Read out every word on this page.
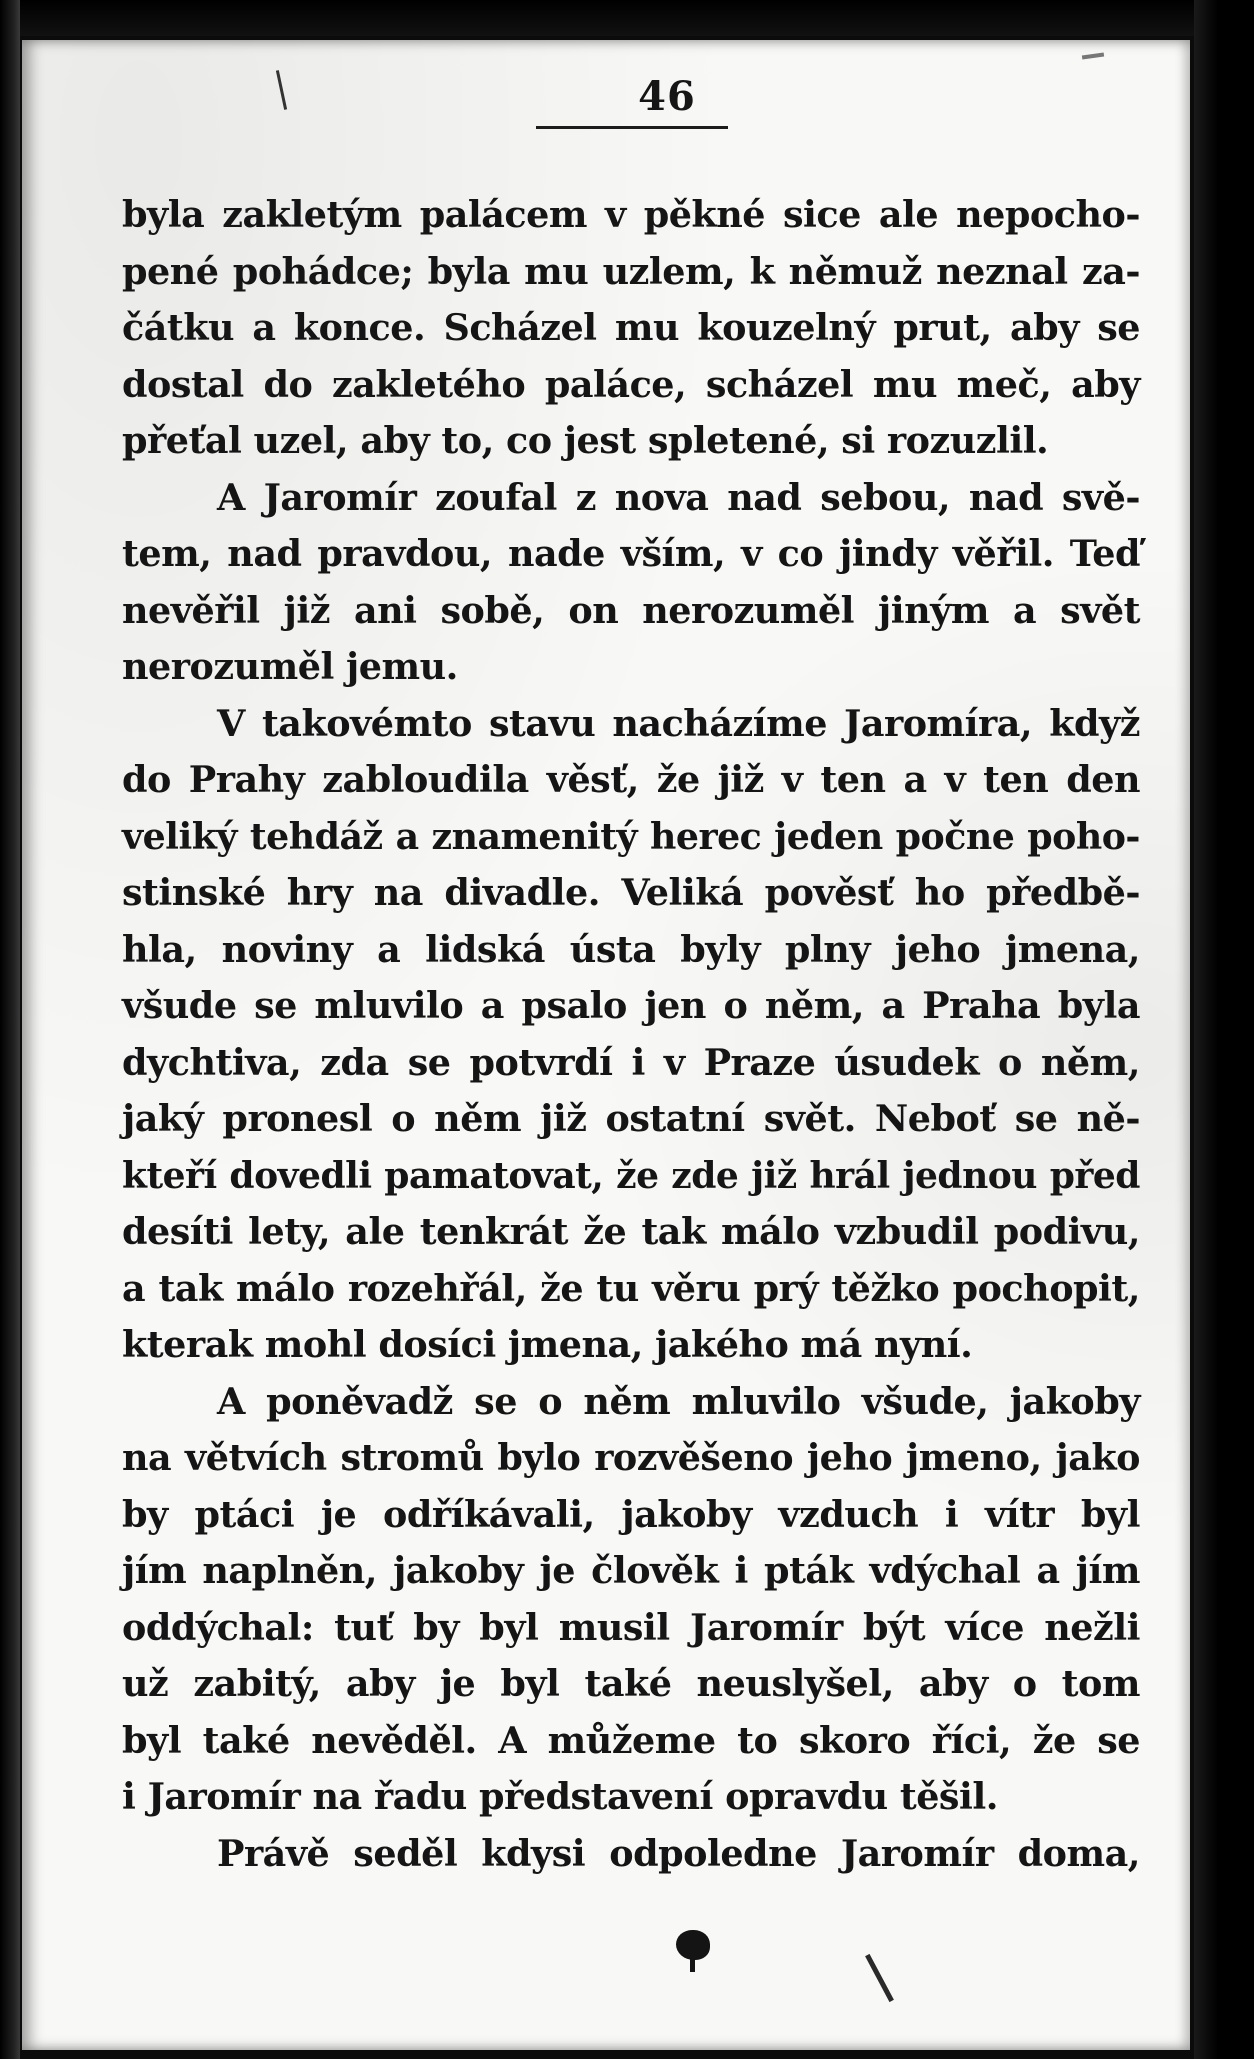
46
byla zakletým palácem v pěkné sice ale nepocho-
pené pohádce; byla mu uzlem, k němuž neznal za-
čátku a konce. Scházel mu kouzelný prut, aby se
dostal do zakletého paláce, scházel mu meč, aby
přeťal uzel, aby to, co jest spletené, si rozuzlil.
A Jaromír zoufal z nova nad sebou, nad svě-
tem, nad pravdou, nade vším, v co jindy věřil. Teď
nevěřil již ani sobě, on nerozuměl jiným a svět
nerozuměl jemu.
V takovémto stavu nacházíme Jaromíra, když
do Prahy zabloudila věsť, že již v ten a v ten den
veliký tehdáž a znamenitý herec jeden počne poho-
stinské hry na divadle. Veliká pověsť ho předbě-
hla, noviny a lidská ústa byly plny jeho jmena,
všude se mluvilo a psalo jen o něm, a Praha byla
dychtiva, zda se potvrdí i v Praze úsudek o něm,
jaký pronesl o něm již ostatní svět. Neboť se ně-
kteří dovedli pamatovat, že zde již hrál jednou před
desíti lety, ale tenkrát že tak málo vzbudil podivu,
a tak málo rozehřál, že tu věru prý těžko pochopit,
kterak mohl dosíci jmena, jakého má nyní.
A poněvadž se o něm mluvilo všude, jakoby
na větvích stromů bylo rozvěšeno jeho jmeno, jako
by ptáci je odříkávali, jakoby vzduch i vítr byl
jím naplněn, jakoby je člověk i pták vdýchal a jím
oddýchal: tuť by byl musil Jaromír být více nežli
už zabitý, aby je byl také neuslyšel, aby o tom
byl také nevěděl. A můžeme to skoro říci, že se
i Jaromír na řadu představení opravdu těšil.
Právě seděl kdysi odpoledne Jaromír doma,
